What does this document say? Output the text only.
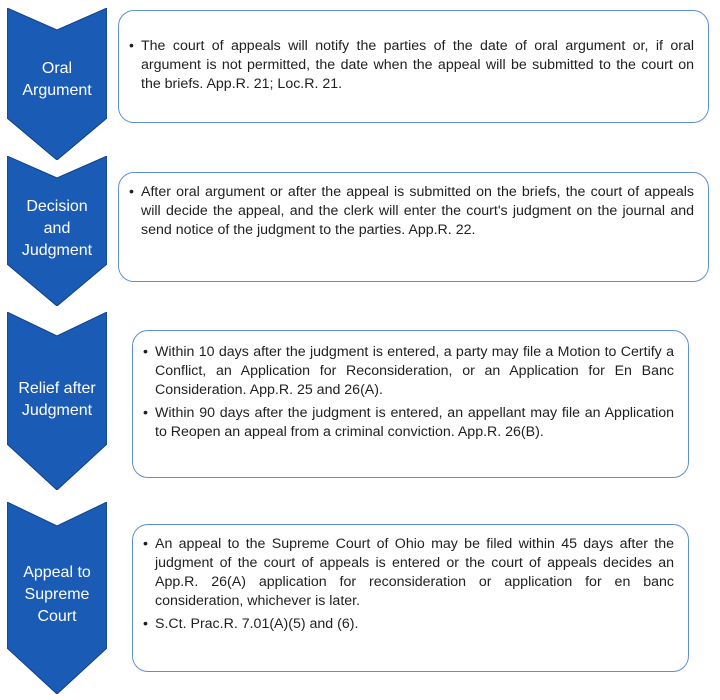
Oral
Argument
• The court of appeals will notify the parties of the date of oral argument or, if oral argument is not permitted, the date when the appeal will be submitted to the court on the briefs. App.R. 21; Loc.R. 21.
Decision
and
Judgment
• After oral argument or after the appeal is submitted on the briefs, the court of appeals will decide the appeal, and the clerk will enter the court's judgment on the journal and send notice of the judgment to the parties. App.R. 22.
Relief after
Judgment
• Within 10 days after the judgment is entered, a party may file a Motion to Certify a Conflict, an Application for Reconsideration, or an Application for En Banc Consideration. App.R. 25 and 26(A).
• Within 90 days after the judgment is entered, an appellant may file an Application to Reopen an appeal from a criminal conviction. App.R. 26(B).
Appeal to
Supreme
Court
• An appeal to the Supreme Court of Ohio may be filed within 45 days after the judgment of the court of appeals is entered or the court of appeals decides an App.R. 26(A) application for reconsideration or application for en banc consideration, whichever is later.
• S.Ct. Prac.R. 7.01(A)(5) and (6).
